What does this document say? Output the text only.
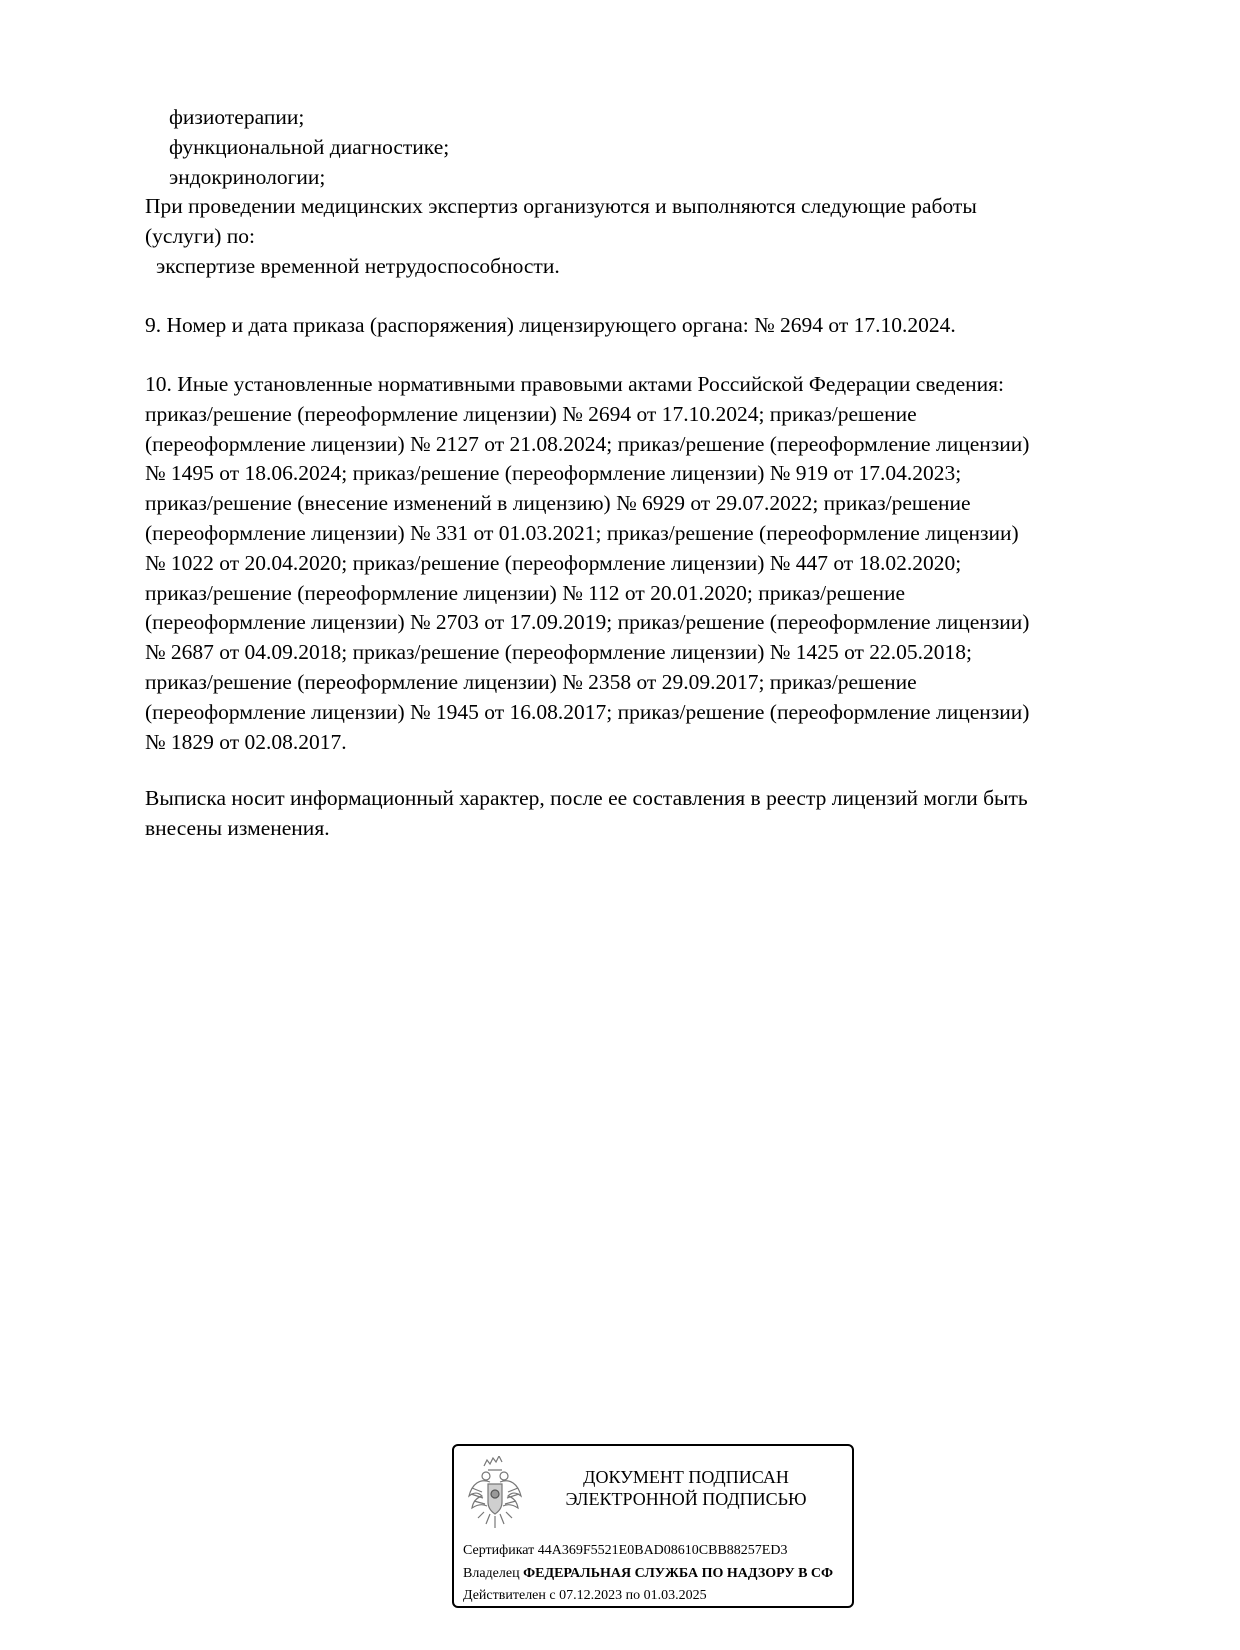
физиотерапии;
функциональной диагностике;
эндокринологии;
При проведении медицинских экспертиз организуются и выполняются следующие работы
(услуги) по:
экспертизе временной нетрудоспособности.
9. Номер и дата приказа (распоряжения) лицензирующего органа: № 2694 от 17.10.2024.
10. Иные установленные нормативными правовыми актами Российской Федерации сведения:
приказ/решение (переоформление лицензии) № 2694 от 17.10.2024; приказ/решение
(переоформление лицензии) № 2127 от 21.08.2024; приказ/решение (переоформление лицензии)
№ 1495 от 18.06.2024; приказ/решение (переоформление лицензии) № 919 от 17.04.2023;
приказ/решение (внесение изменений в лицензию) № 6929 от 29.07.2022; приказ/решение
(переоформление лицензии) № 331 от 01.03.2021; приказ/решение (переоформление лицензии)
№ 1022 от 20.04.2020; приказ/решение (переоформление лицензии) № 447 от 18.02.2020;
приказ/решение (переоформление лицензии) № 112 от 20.01.2020; приказ/решение
(переоформление лицензии) № 2703 от 17.09.2019; приказ/решение (переоформление лицензии)
№ 2687 от 04.09.2018; приказ/решение (переоформление лицензии) № 1425 от 22.05.2018;
приказ/решение (переоформление лицензии) № 2358 от 29.09.2017; приказ/решение
(переоформление лицензии) № 1945 от 16.08.2017; приказ/решение (переоформление лицензии)
№ 1829 от 02.08.2017.
Выписка носит информационный характер, после ее составления в реестр лицензий могли быть
внесены изменения.
ДОКУМЕНТ ПОДПИСАН
ЭЛЕКТРОННОЙ ПОДПИСЬЮ
Сертификат 44A369F5521E0BAD08610CBB88257ED3
Владелец ФЕДЕРАЛЬНАЯ СЛУЖБА ПО НАДЗОРУ В СФ
Действителен с 07.12.2023 по 01.03.2025
